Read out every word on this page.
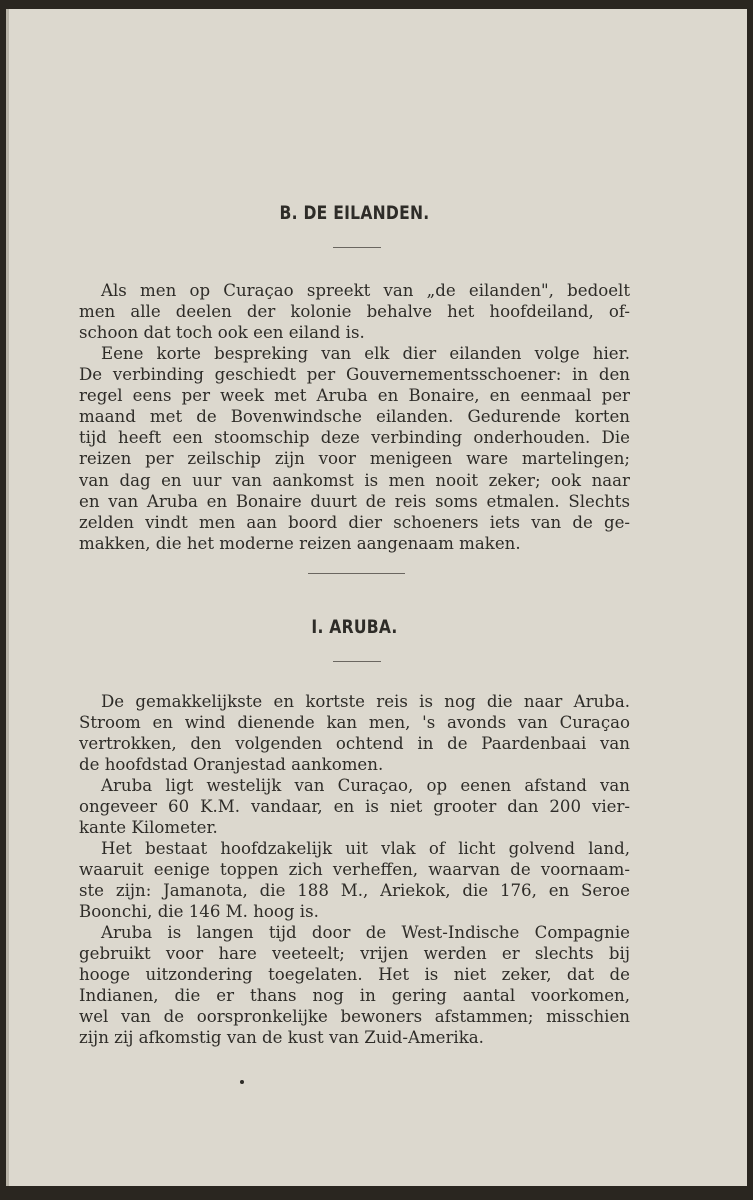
B. DE EILANDEN.
Als men op Curaçao spreekt van „de eilanden", bedoelt
men alle deelen der kolonie behalve het hoofdeiland, of-
schoon dat toch ook een eiland is.
Eene korte bespreking van elk dier eilanden volge hier.
De verbinding geschiedt per Gouvernementsschoener: in den
regel eens per week met Aruba en Bonaire, en eenmaal per
maand met de Bovenwindsche eilanden. Gedurende korten
tijd heeft een stoomschip deze verbinding onderhouden. Die
reizen per zeilschip zijn voor menigeen ware martelingen;
van dag en uur van aankomst is men nooit zeker; ook naar
en van Aruba en Bonaire duurt de reis soms etmalen. Slechts
zelden vindt men aan boord dier schoeners iets van de ge-
makken, die het moderne reizen aangenaam maken.
I. ARUBA.
De gemakkelijkste en kortste reis is nog die naar Aruba.
Stroom en wind dienende kan men, 's avonds van Curaçao
vertrokken, den volgenden ochtend in de Paardenbaai van
de hoofdstad Oranjestad aankomen.
Aruba ligt westelijk van Curaçao, op eenen afstand van
ongeveer 60 K.M. vandaar, en is niet grooter dan 200 vier-
kante Kilometer.
Het bestaat hoofdzakelijk uit vlak of licht golvend land,
waaruit eenige toppen zich verheffen, waarvan de voornaam-
ste zijn: Jamanota, die 188 M., Ariekok, die 176, en Seroe
Boonchi, die 146 M. hoog is.
Aruba is langen tijd door de West-Indische Compagnie
gebruikt voor hare veeteelt; vrijen werden er slechts bij
hooge uitzondering toegelaten. Het is niet zeker, dat de
Indianen, die er thans nog in gering aantal voorkomen,
wel van de oorspronkelijke bewoners afstammen; misschien
zijn zij afkomstig van de kust van Zuid-Amerika.
